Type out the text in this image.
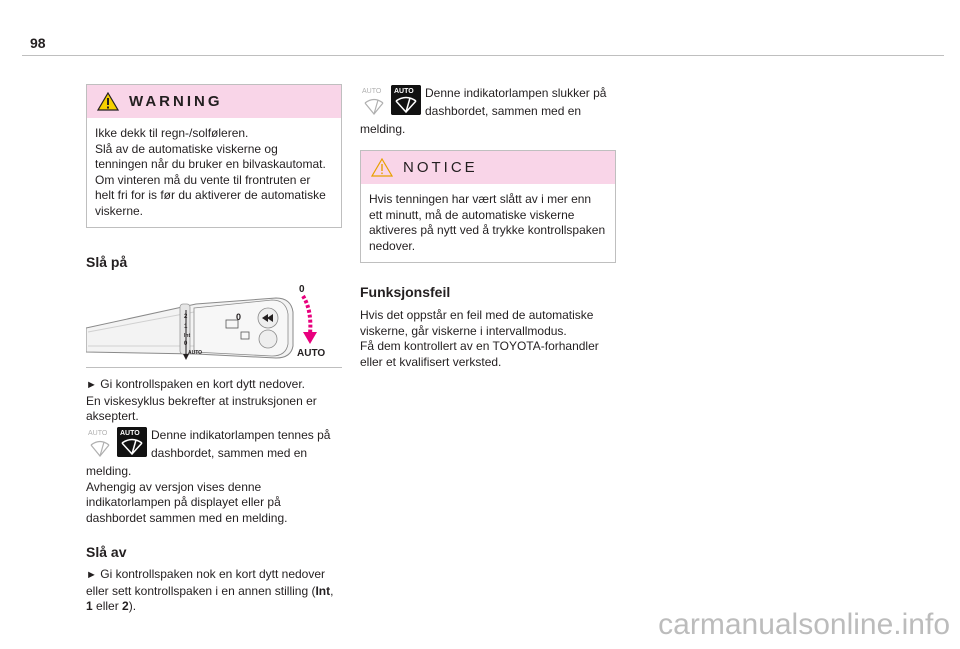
98
WARNING
Ikke dekk til regn-/solføleren.
Slå av de automatiske viskerne og tenningen når du bruker en bilvaskautomat.
Om vinteren må du vente til frontruten er helt fri for is før du aktiverer de automatiske viskerne.
Slå på
2
1
Int
0
AUTO
0
0
AUTO

► Gi kontrollspaken en kort dytt nedover.

En viskesyklus bekrefter at instruksjonen er akseptert.

AUTO AUTO Denne indikatorlampen tennes på dashbordet, sammen med en melding.

Avhengig av versjon vises denne indikatorlampen på displayet eller på dashbordet sammen med en melding.

Slå av

► Gi kontrollspaken nok en kort dytt nedover eller sett kontrollspaken i en annen stilling (Int, 1 eller 2).

AUTO AUTO Denne indikatorlampen slukker på dashbordet, sammen med en melding.
NOTICE
Hvis tenningen har vært slått av i mer enn ett minutt, må de automatiske viskerne aktiveres på nytt ved å trykke kontrollspaken nedover.
Funksjonsfeil

Hvis det oppstår en feil med de automatiske viskerne, går viskerne i intervallmodus.

Få dem kontrollert av en TOYOTA-forhandler eller et kvalifisert verksted.

carmanualsonline.info
